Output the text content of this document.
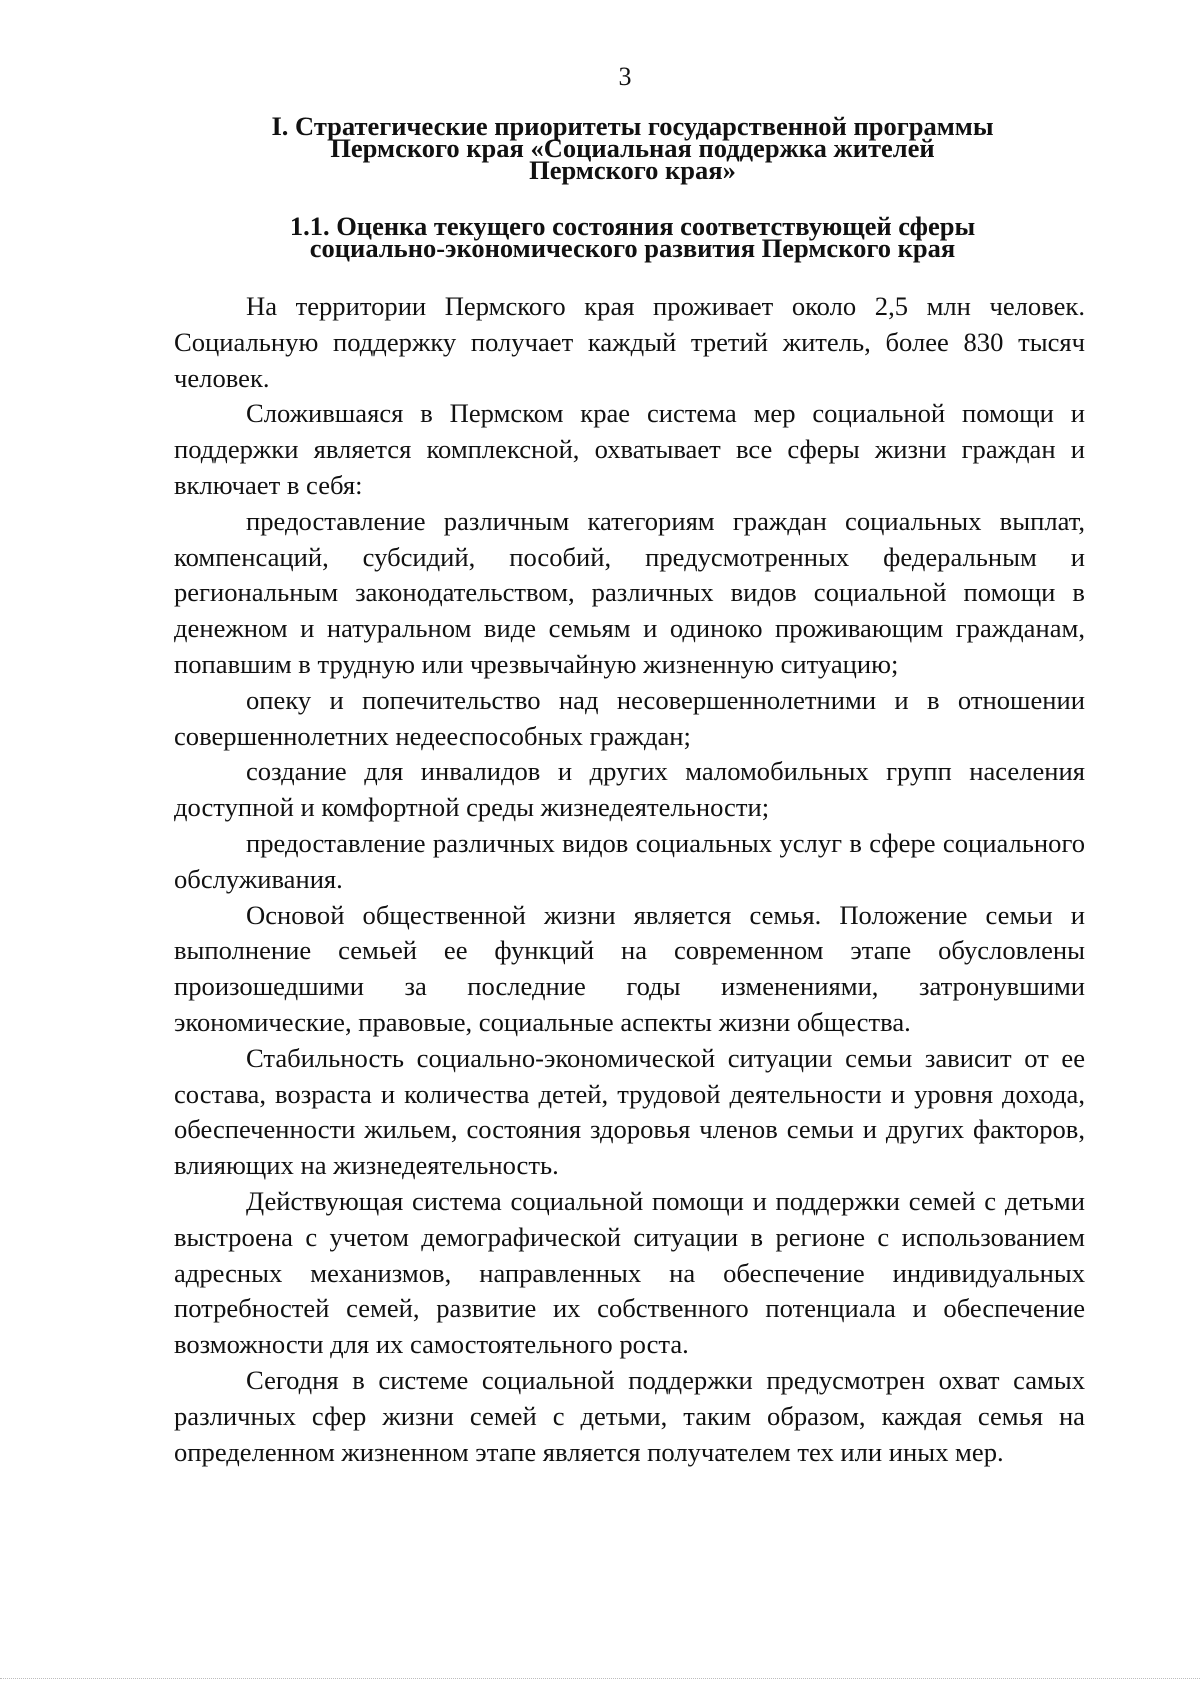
3
I. Стратегические приоритеты государственной программы
Пермского края «Социальная поддержка жителей
Пермского края»
1.1. Оценка текущего состояния соответствующей сферы
социально-экономического развития Пермского края

На территории Пермского края проживает около 2,5 млн человек. Социальную поддержку получает каждый третий житель, более 830 тысяч человек.

Сложившаяся в Пермском крае система мер социальной помощи и поддержки является комплексной, охватывает все сферы жизни граждан и включает в себя:

предоставление различным категориям граждан социальных выплат, компенсаций, субсидий, пособий, предусмотренных федеральным и региональным законодательством, различных видов социальной помощи в денежном и натуральном виде семьям и одиноко проживающим гражданам, попавшим в трудную или чрезвычайную жизненную ситуацию;

опеку и попечительство над несовершеннолетними и в отношении совершеннолетних недееспособных граждан;

создание для инвалидов и других маломобильных групп населения доступной и комфортной среды жизнедеятельности;

предоставление различных видов социальных услуг в сфере социального обслуживания.

Основой общественной жизни является семья. Положение семьи и выполнение семьей ее функций на современном этапе обусловлены произошедшими за последние годы изменениями, затронувшими экономические, правовые, социальные аспекты жизни общества.

Стабильность социально-экономической ситуации семьи зависит от ее состава, возраста и количества детей, трудовой деятельности и уровня дохода, обеспеченности жильем, состояния здоровья членов семьи и других факторов, влияющих на жизнедеятельность.

Действующая система социальной помощи и поддержки семей с детьми выстроена с учетом демографической ситуации в регионе с использованием адресных механизмов, направленных на обеспечение индивидуальных потребностей семей, развитие их собственного потенциала и обеспечение возможности для их самостоятельного роста.

Сегодня в системе социальной поддержки предусмотрен охват самых различных сфер жизни семей с детьми, таким образом, каждая семья на определенном жизненном этапе является получателем тех или иных мер.
